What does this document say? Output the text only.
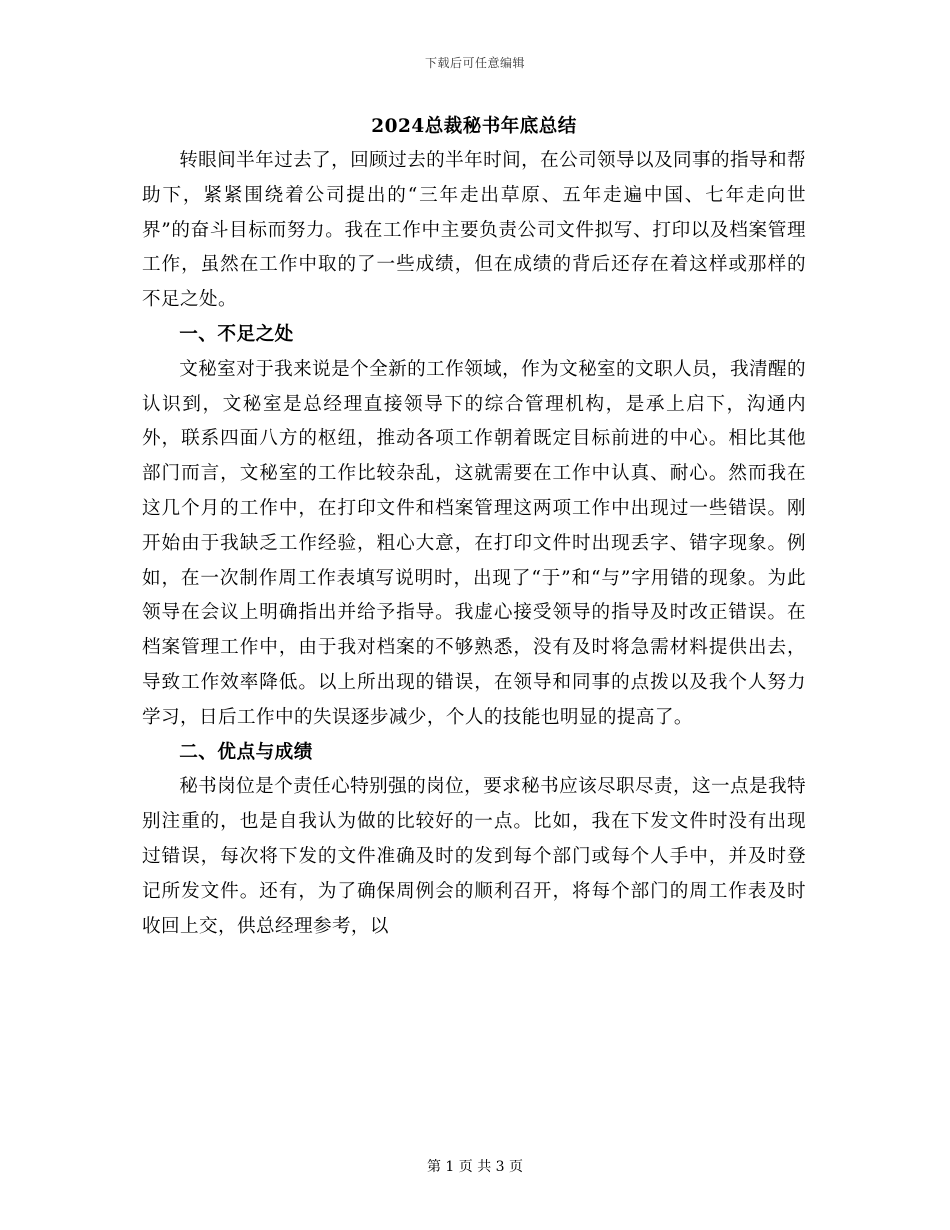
下载后可任意编辑
2024总裁秘书年底总结

转眼间半年过去了，回顾过去的半年时间，在公司领导以及同事的指导和帮助下，紧紧围绕着公司提出的“三年走出草原、五年走遍中国、七年走向世界”的奋斗目标而努力。我在工作中主要负责公司文件拟写、打印以及档案管理工作，虽然在工作中取的了一些成绩，但在成绩的背后还存在着这样或那样的不足之处。

一、不足之处

文秘室对于我来说是个全新的工作领域，作为文秘室的文职人员，我清醒的认识到，文秘室是总经理直接领导下的综合管理机构，是承上启下，沟通内外，联系四面八方的枢纽，推动各项工作朝着既定目标前进的中心。相比其他部门而言，文秘室的工作比较杂乱，这就需要在工作中认真、耐心。然而我在这几个月的工作中，在打印文件和档案管理这两项工作中出现过一些错误。刚开始由于我缺乏工作经验，粗心大意，在打印文件时出现丢字、错字现象。例如，在一次制作周工作表填写说明时，出现了“于”和“与”字用错的现象。为此领导在会议上明确指出并给予指导。我虚心接受领导的指导及时改正错误。在档案管理工作中，由于我对档案的不够熟悉，没有及时将急需材料提供出去，导致工作效率降低。以上所出现的错误，在领导和同事的点拨以及我个人努力学习，日后工作中的失误逐步减少，个人的技能也明显的提高了。

二、优点与成绩

秘书岗位是个责任心特别强的岗位，要求秘书应该尽职尽责，这一点是我特别注重的，也是自我认为做的比较好的一点。比如，我在下发文件时没有出现过错误，每次将下发的文件准确及时的发到每个部门或每个人手中，并及时登记所发文件。还有，为了确保周例会的顺利召开，将每个部门的周工作表及时收回上交，供总经理参考，以

第 1 页 共 3 页
